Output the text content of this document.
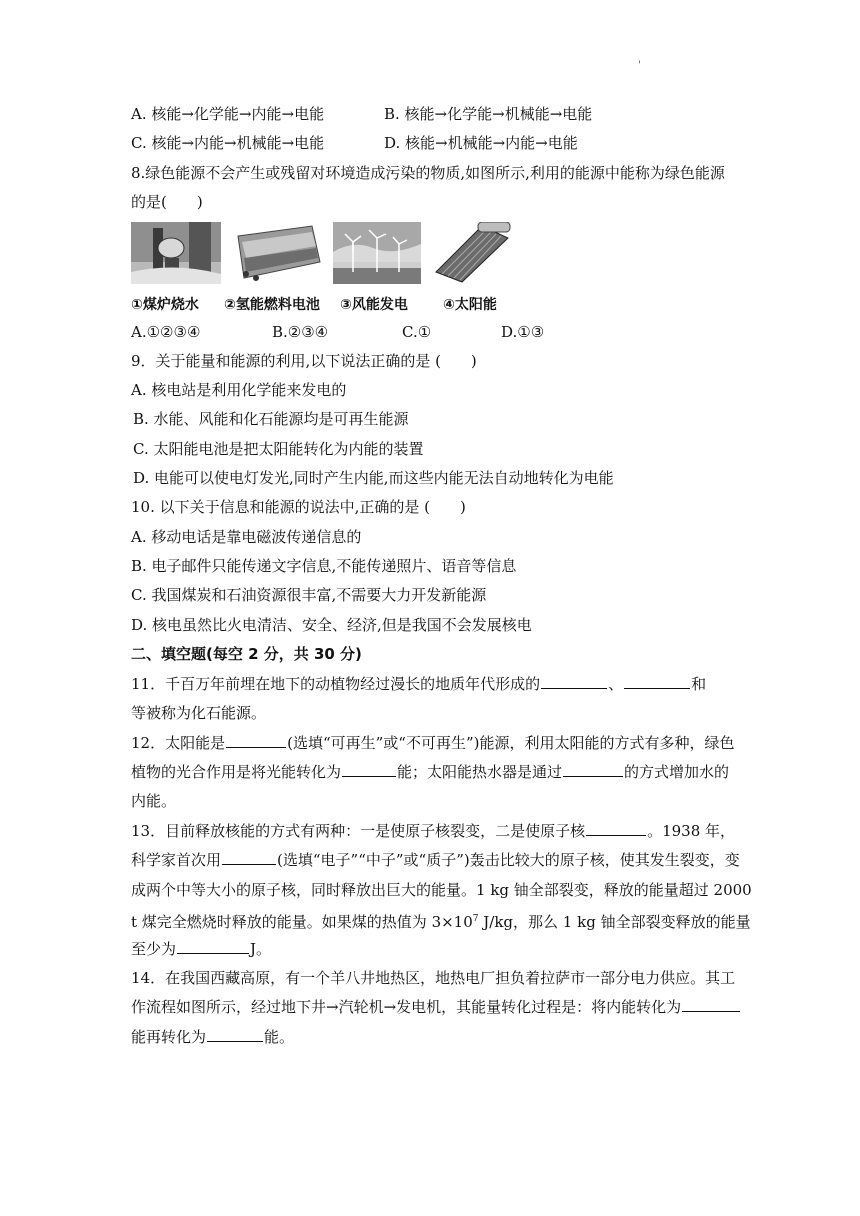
'
A. 核能→化学能→内能→电能	B. 核能→化学能→机械能→电能
C. 核能→内能→机械能→电能	D. 核能→机械能→内能→电能
8.绿色能源不会产生或残留对环境造成污染的物质,如图所示,利用的能源中能称为绿色能源
的是(　　)
①煤炉烧水 ②氢能燃料电池 ③风能发电	④太阳能
A.①②③④	B.②③④	C.①	D.①③
9．关于能量和能源的利用,以下说法正确的是 (　　)
A. 核电站是利用化学能来发电的
B. 水能、风能和化石能源均是可再生能源
C. 太阳能电池是把太阳能转化为内能的装置
D. 电能可以使电灯发光,同时产生内能,而这些内能无法自动地转化为电能
10. 以下关于信息和能源的说法中,正确的是 (　　)
A. 移动电话是靠电磁波传递信息的
B. 电子邮件只能传递文字信息,不能传递照片、语音等信息
C. 我国煤炭和石油资源很丰富,不需要大力开发新能源
D. 核电虽然比火电清洁、安全、经济,但是我国不会发展核电
二、填空题(每空 2 分，共 30 分)
11．千百万年前埋在地下的动植物经过漫长的地质年代形成的	、	和
等被称为化石能源。
12．太阳能是	(选填“可再生”或“不可再生”)能源，利用太阳能的方式有多种，绿色
植物的光合作用是将光能转化为	能；太阳能热水器是通过	的方式增加水的
内能。
13．目前释放核能的方式有两种：一是使原子核裂变，二是使原子核	。1938 年，
科学家首次用	(选填“电子”“中子”或“质子”)轰击比较大的原子核，使其发生裂变，变
成两个中等大小的原子核，同时释放出巨大的能量。1 kg 铀全部裂变，释放的能量超过 2000
t 煤完全燃烧时释放的能量。如果煤的热值为 $3\times 10^7$ J/kg，那么 1 kg 铀全部裂变释放的能量
至少为	J。
14．在我国西藏高原，有一个羊八井地热区，地热电厂担负着拉萨市一部分电力供应。其工
作流程如图所示，经过地下井→汽轮机→发电机，其能量转化过程是：将内能转化为
能再转化为	能。
